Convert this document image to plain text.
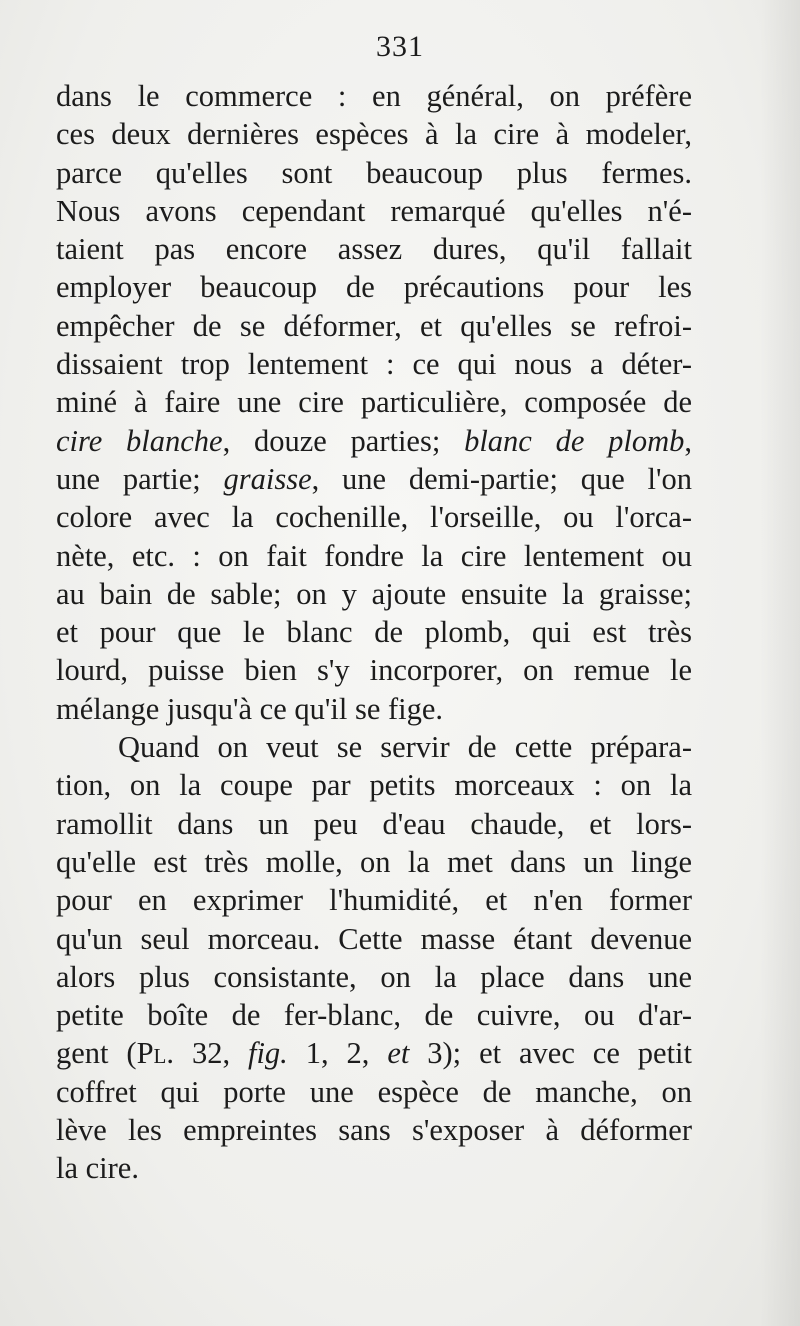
331
dans le commerce : en général, on préfère
ces deux dernières espèces à la cire à modeler,
parce qu'elles sont beaucoup plus fermes.
Nous avons cependant remarqué qu'elles n'é-
taient pas encore assez dures, qu'il fallait
employer beaucoup de précautions pour les
empêcher de se déformer, et qu'elles se refroi-
dissaient trop lentement : ce qui nous a déter-
miné à faire une cire particulière, composée de
cire blanche, douze parties; blanc de plomb,
une partie; graisse, une demi-partie; que l'on
colore avec la cochenille, l'orseille, ou l'orca-
nète, etc. : on fait fondre la cire lentement ou
au bain de sable; on y ajoute ensuite la graisse;
et pour que le blanc de plomb, qui est très
lourd, puisse bien s'y incorporer, on remue le
mélange jusqu'à ce qu'il se fige.
Quand on veut se servir de cette prépara-
tion, on la coupe par petits morceaux : on la
ramollit dans un peu d'eau chaude, et lors-
qu'elle est très molle, on la met dans un linge
pour en exprimer l'humidité, et n'en former
qu'un seul morceau. Cette masse étant devenue
alors plus consistante, on la place dans une
petite boîte de fer-blanc, de cuivre, ou d'ar-
gent (Pl. 32, fig. 1, 2, et 3); et avec ce petit
coffret qui porte une espèce de manche, on
lève les empreintes sans s'exposer à déformer
la cire.
